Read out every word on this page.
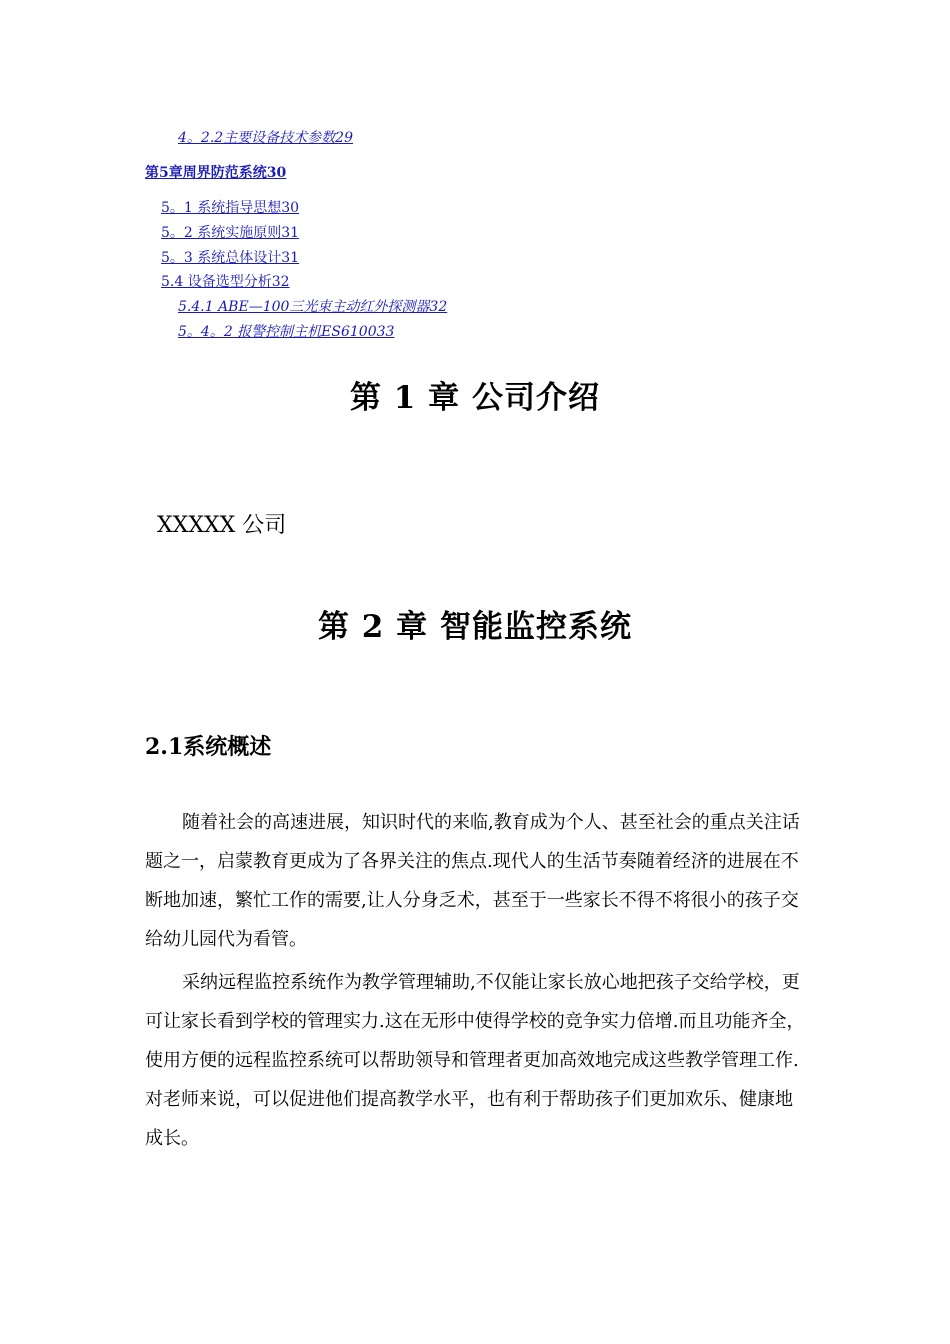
4。2.2主要设备技术参数29
第5章周界防范系统30
5。1 系统指导思想30
5。2 系统实施原则31
5。3 系统总体设计31
5.4 设备选型分析32
5.4.1 ABE—100三光束主动红外探测器32
5。4。2 报警控制主机ES610033
第 1 章 公司介绍
XXXXX 公司
第 2 章 智能监控系统
2.1系统概述

随着社会的高速进展，知识时代的来临,教育成为个人、甚至社会的重点关注话题之一，启蒙教育更成为了各界关注的焦点.现代人的生活节奏随着经济的进展在不断地加速，繁忙工作的需要,让人分身乏术，甚至于一些家长不得不将很小的孩子交给幼儿园代为看管。

采纳远程监控系统作为教学管理辅助,不仅能让家长放心地把孩子交给学校，更可让家长看到学校的管理实力.这在无形中使得学校的竞争实力倍增.而且功能齐全，使用方便的远程监控系统可以帮助领导和管理者更加高效地完成这些教学管理工作.对老师来说，可以促进他们提高教学水平，也有利于帮助孩子们更加欢乐、健康地成长。
